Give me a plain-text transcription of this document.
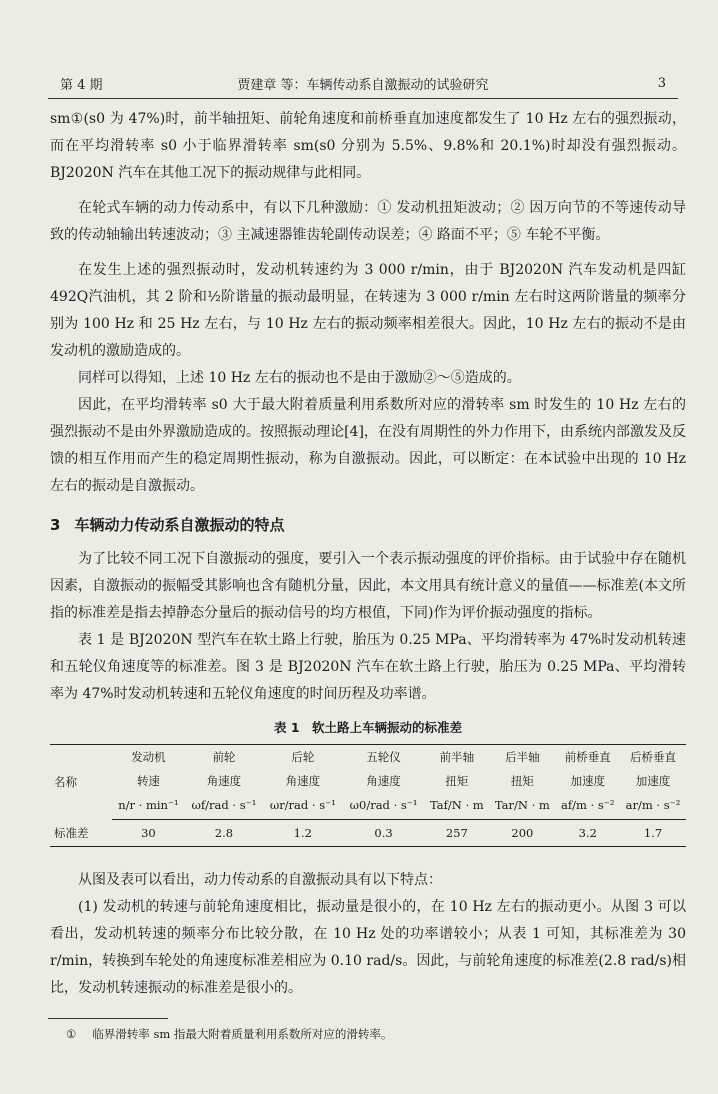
第 4 期	贾建章 等：车辆传动系自激振动的试验研究	3

sm①(s0 为 47%)时，前半轴扭矩、前轮角速度和前桥垂直加速度都发生了 10 Hz 左右的强烈振动，而在平均滑转率 s0 小于临界滑转率 sm(s0 分别为 5.5%、9.8%和 20.1%)时却没有强烈振动。BJ2020N 汽车在其他工况下的振动规律与此相同。

在轮式车辆的动力传动系中，有以下几种激励：① 发动机扭矩波动；② 因万向节的不等速传动导致的传动轴输出转速波动；③ 主减速器锥齿轮副传动误差；④ 路面不平；⑤ 车轮不平衡。

在发生上述的强烈振动时，发动机转速约为 3 000 r/min，由于 BJ2020N 汽车发动机是四缸 492Q汽油机，其 2 阶和½阶谐量的振动最明显，在转速为 3 000 r/min 左右时这两阶谐量的频率分别为 100 Hz 和 25 Hz 左右，与 10 Hz 左右的振动频率相差很大。因此，10 Hz 左右的振动不是由发动机的激励造成的。

同样可以得知，上述 10 Hz 左右的振动也不是由于激励②～⑤造成的。

因此，在平均滑转率 s0 大于最大附着质量利用系数所对应的滑转率 sm 时发生的 10 Hz 左右的强烈振动不是由外界激励造成的。按照振动理论[4]，在没有周期性的外力作用下，由系统内部激发及反馈的相互作用而产生的稳定周期性振动，称为自激振动。因此，可以断定：在本试验中出现的 10 Hz 左右的振动是自激振动。

3 车辆动力传动系自激振动的特点

为了比较不同工况下自激振动的强度，要引入一个表示振动强度的评价指标。由于试验中存在随机因素，自激振动的振幅受其影响也含有随机分量，因此，本文用具有统计意义的量值——标准差(本文所指的标准差是指去掉静态分量后的振动信号的均方根值，下同)作为评价振动强度的指标。

表 1 是 BJ2020N 型汽车在软土路上行驶，胎压为 0.25 MPa、平均滑转率为 47%时发动机转速和五轮仪角速度等的标准差。图 3 是 BJ2020N 汽车在软土路上行驶，胎压为 0.25 MPa、平均滑转率为 47%时发动机转速和五轮仪角速度的时间历程及功率谱。

表 1　软土路上车辆振动的标准差
名称	发动机	前轮	后轮	五轮仪	前半轴	后半轴	前桥垂直	后桥垂直
	转速	角速度	角速度	角速度	扭矩	扭矩	加速度	加速度
	n/r · min⁻¹	ωf/rad · s⁻¹	ωr/rad · s⁻¹	ω0/rad · s⁻¹	Taf/N · m	Tar/N · m	af/m · s⁻²	ar/m · s⁻²
标准差	30	2.8	1.2	0.3	257	200	3.2	1.7

从图及表可以看出，动力传动系的自激振动具有以下特点：

(1) 发动机的转速与前轮角速度相比，振动量是很小的，在 10 Hz 左右的振动更小。从图 3 可以看出，发动机转速的频率分布比较分散，在 10 Hz 处的功率谱较小；从表 1 可知，其标准差为 30 r/min，转换到车轮处的角速度标准差相应为 0.10 rad/s。因此，与前轮角速度的标准差(2.8 rad/s)相比，发动机转速振动的标准差是很小的。

① 临界滑转率 sm 指最大附着质量利用系数所对应的滑转率。
